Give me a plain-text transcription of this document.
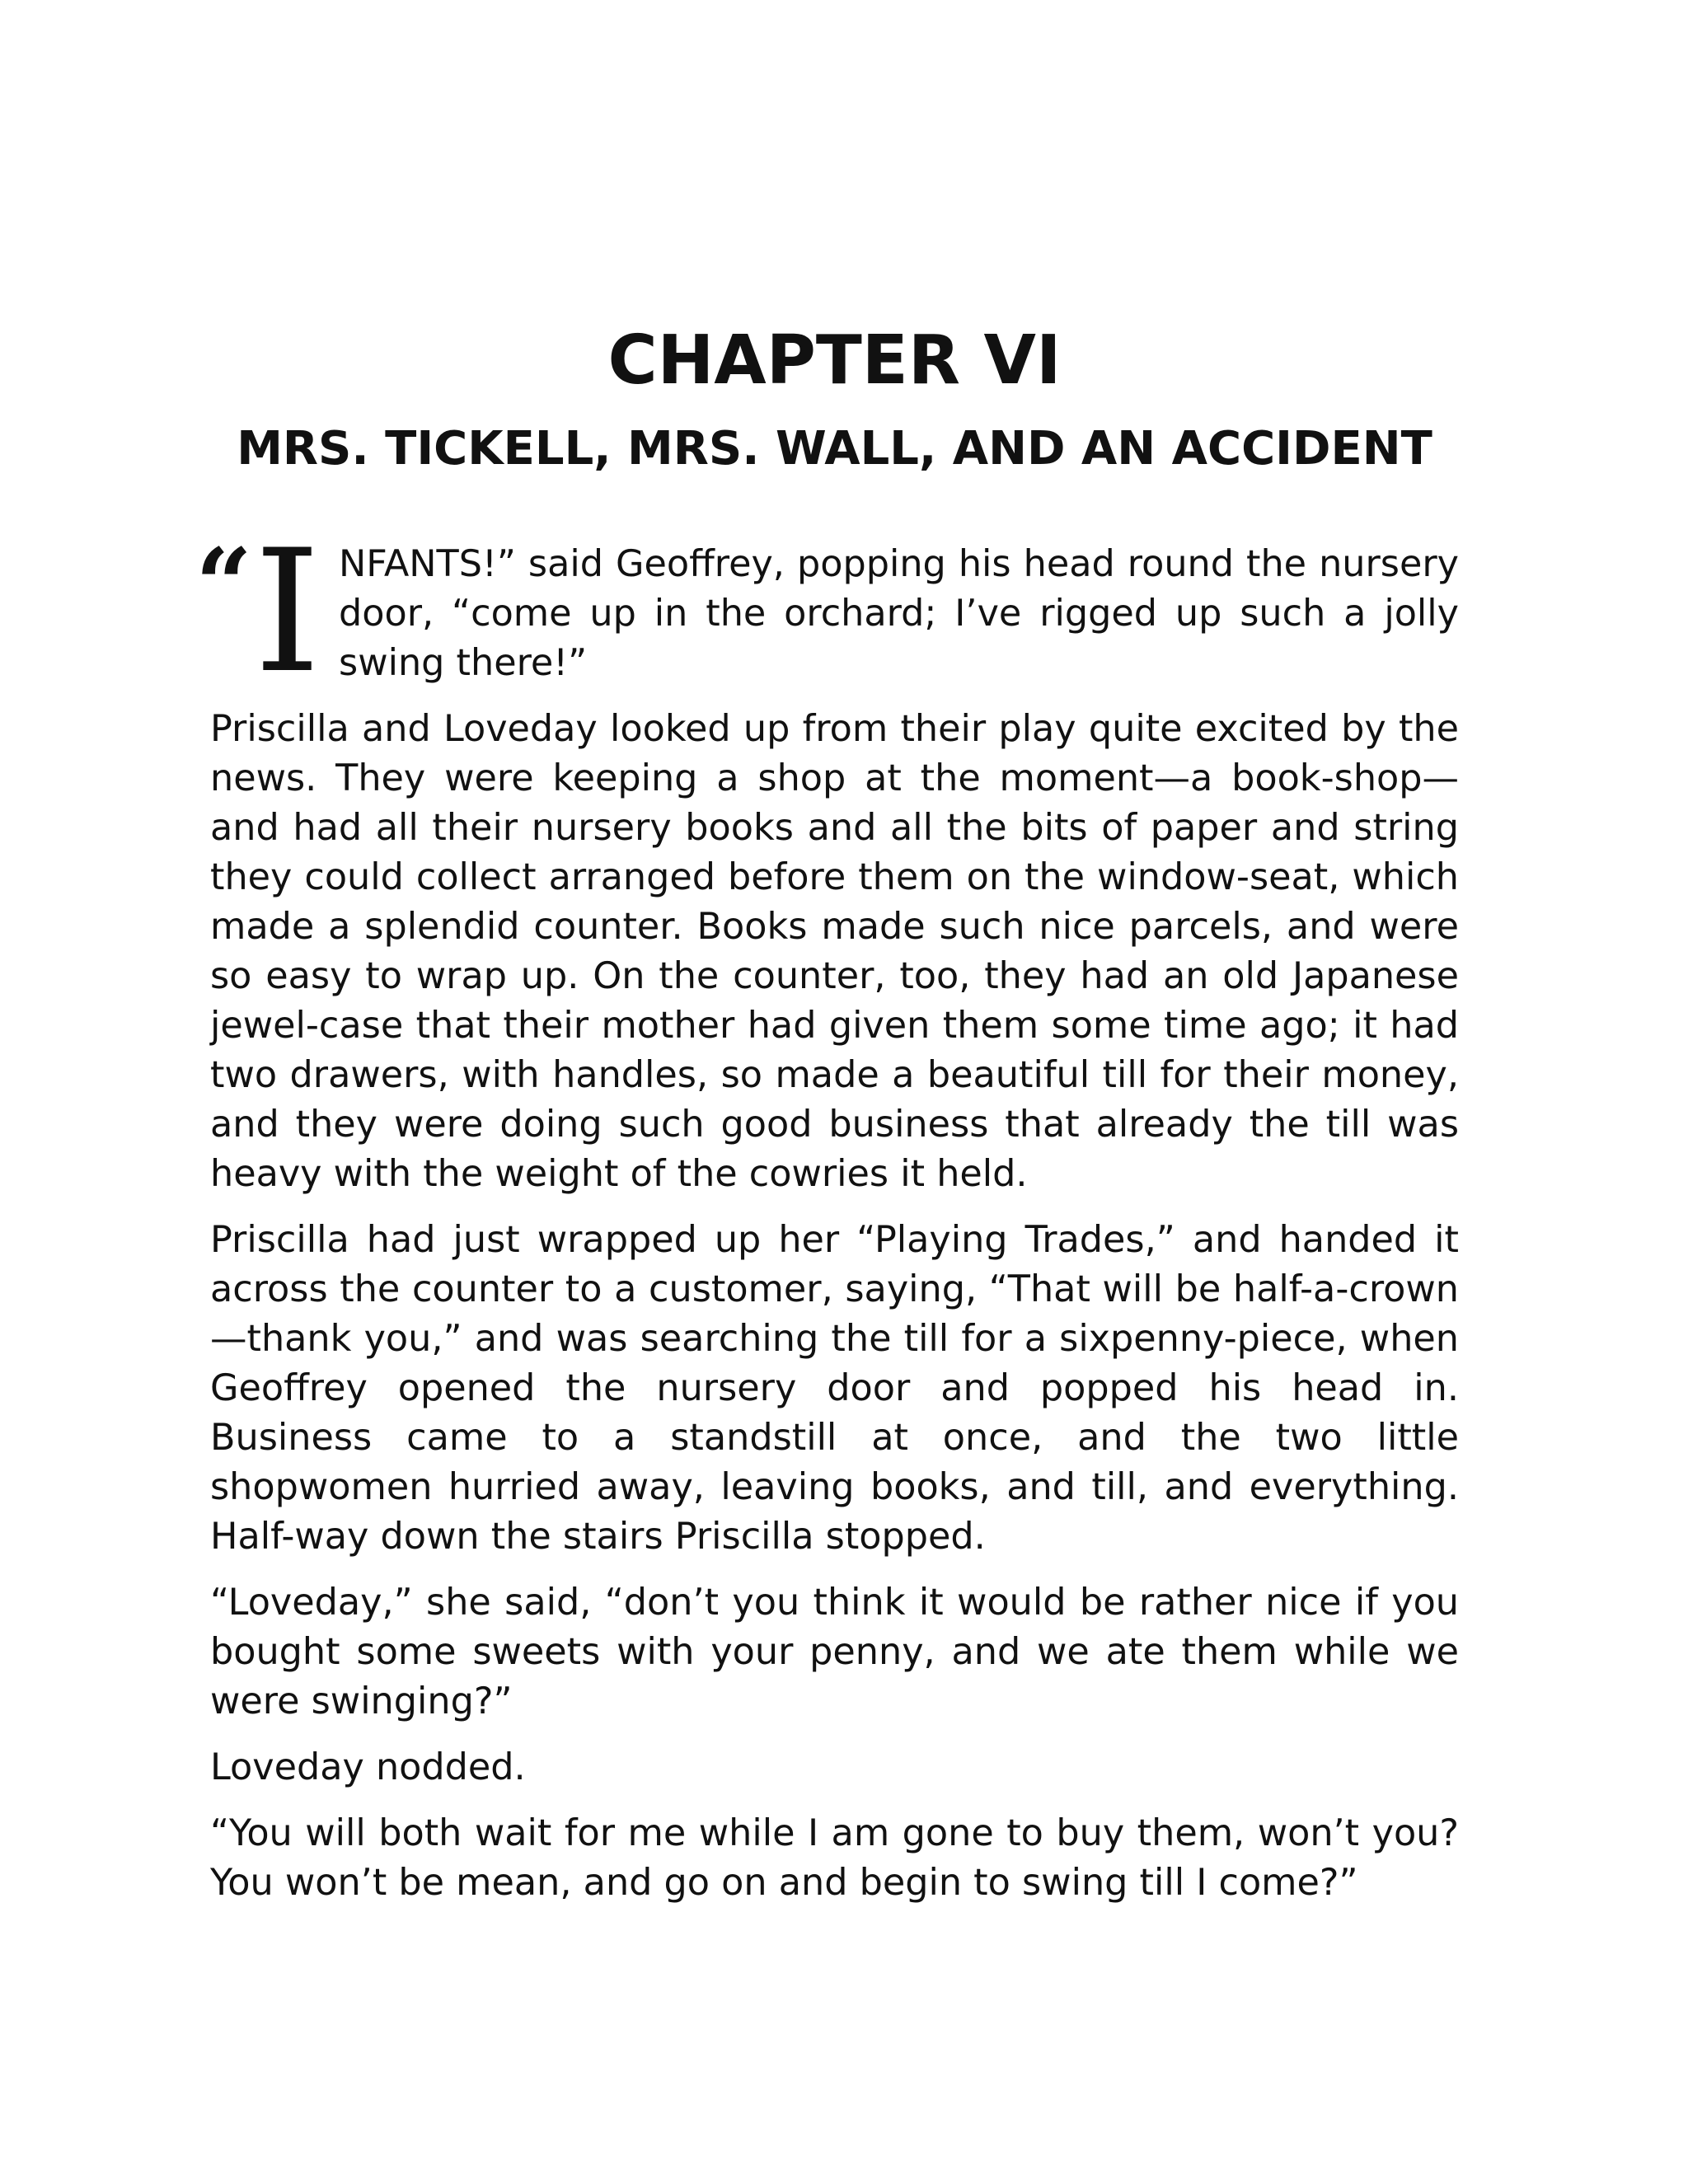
CHAPTER VI
MRS. TICKELL, MRS. WALL, AND AN ACCIDENT

“ I NFANTS!” said Geoffrey, popping his head round the nursery door, “come up in the orchard; I’ve rigged up such a jolly swing there!”

Priscilla and Loveday looked up from their play quite excited by the news. They were keeping a shop at the moment—a book-shop—and had all their nursery books and all the bits of paper and string they could collect arranged before them on the window-seat, which made a splendid counter. Books made such nice parcels, and were so easy to wrap up. On the counter, too, they had an old Japanese jewel-case that their mother had given them some time ago; it had two drawers, with handles, so made a beautiful till for their money, and they were doing such good business that already the till was heavy with the weight of the cowries it held.

Priscilla had just wrapped up her “Playing Trades,” and handed it across the counter to a customer, saying, “That will be half-a-crown —thank you,” and was searching the till for a sixpenny-piece, when Geoffrey opened the nursery door and popped his head in. Business came to a standstill at once, and the two little shopwomen hurried away, leaving books, and till, and everything. Half-way down the stairs Priscilla stopped.

“Loveday,” she said, “don’t you think it would be rather nice if you bought some sweets with your penny, and we ate them while we were swinging?”

Loveday nodded.

“You will both wait for me while I am gone to buy them, won’t you? You won’t be mean, and go on and begin to swing till I come?”
